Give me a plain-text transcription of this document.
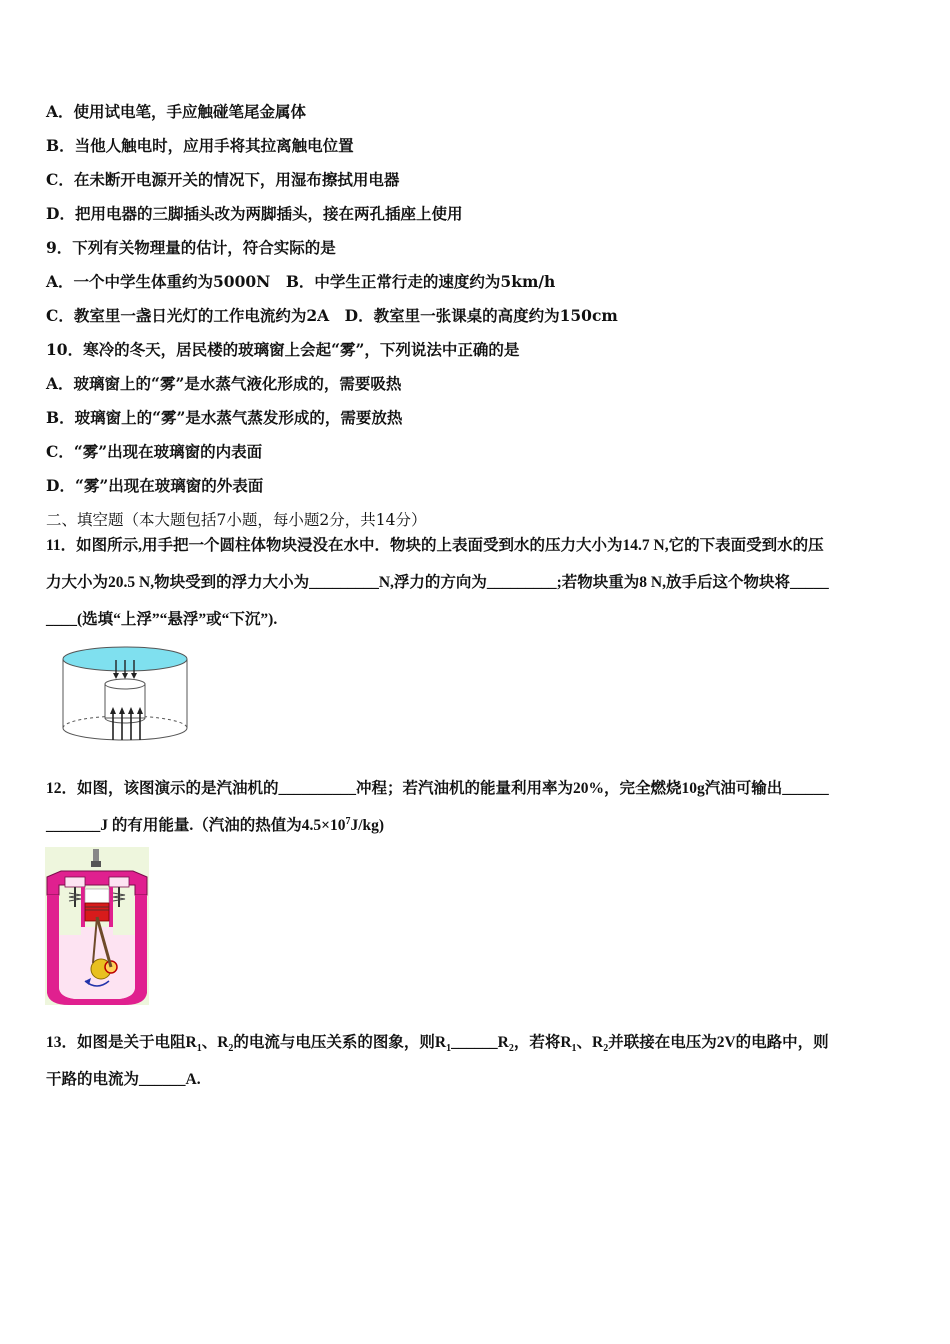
A．使用试电笔，手应触碰笔尾金属体
B．当他人触电时，应用手将其拉离触电位置
C．在未断开电源开关的情况下，用湿布擦拭用电器
D．把用电器的三脚插头改为两脚插头，接在两孔插座上使用
9．下列有关物理量的估计，符合实际的是
A．一个中学生体重约为5000N　B．中学生正常行走的速度约为5km/h
C．教室里一盏日光灯的工作电流约为2A　D．教室里一张课桌的高度约为150cm
10．寒冷的冬天，居民楼的玻璃窗上会起“雾”，下列说法中正确的是
A．玻璃窗上的“雾”是水蒸气液化形成的，需要吸热
B．玻璃窗上的“雾”是水蒸气蒸发形成的，需要放热
C．“雾”出现在玻璃窗的内表面
D．“雾”出现在玻璃窗的外表面
二、填空题（本大题包括7小题，每小题2分，共14分）
11．如图所示,用手把一个圆柱体物块浸没在水中．物块的上表面受到水的压力大小为14.7 N,它的下表面受到水的压
力大小为20.5 N,物块受到的浮力大小为_________N,浮力的方向为_________;若物块重为8 N,放手后这个物块将_____
____(选填“上浮”“悬浮”或“下沉”).
12．如图，该图演示的是汽油机的__________冲程；若汽油机的能量利用率为20%，完全燃烧10g汽油可输出______
_______J 的有用能量.（汽油的热值为$4.5\times 10^7J/kg$)
13．如图是关于电阻$R_1$、$R_2$的电流与电压关系的图象，则$R_1\_\_\_\_\_\_R_2$，若将$R_1$、$R_2$并联接在电压为2V的电路中，则
干路的电流为______A.
